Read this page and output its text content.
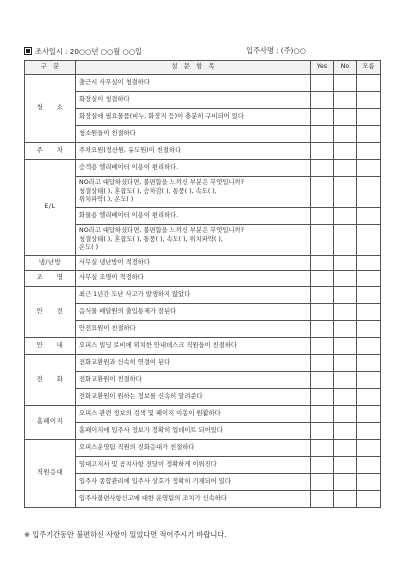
조사일시 : 20○○년 ○○월 ○○일	입주사명 : (주)○○
구　분	설　문　항　목	Yes	No	모름
청　　소	출근시 사무실이 청결하다			
	화장실이 청결하다			
	화장실에 필요물품(비누, 화장지 등)이 충분히 구비되어 있다			
	청소원들이 친절하다			
주　　차	주차요원(정산원, 유도원)이 친절하다			
E/L	승객용 엘리베이터 이용이 편리하다.			
	NO라고 대답하셨다면, 불편함을 느끼신 부분은 무엇입니까?
청결상태( ), 혼잡도( ), 승차감( ), 통풍( ), 속도( ),
위치파악( ), 온도( )			
	화물용 엘리베이터 이용이 편리하다.			
	NO라고 대답하셨다면, 불편함을 느끼신 부분은 무엇입니까?
청결상태( ), 혼잡도( ), 통풍( ), 속도( ), 위치파악( ),
온도( )			
냉/난방	사무실 냉난방이 적정하다			
조　　명	사무실 조명이 적정하다			
안　　전	최근 1년간 도난 사고가 발생하지 않았다			
	음식물 배달원의 출입통제가 잘된다			
	안전요원이 친절하다			
안　　내	오피스 빌딩 로비에 위치한 안내데스크 직원들이 친절하다			
전　　화	전화교환원과 신속히 연결이 된다			
	전화교환원이 친절하다			
	전화교환원이 원하는 정보를 신속히 알려준다			
홈페이지	오피스 관련 정보의 검색 및 페이지 이동이 원활하다			
	홈페이지에 입주사 정보가 정확히 업데이트 되어있다			
직원응대	오피스운영팀 직원의 전화응대가 친절하다			
	임대고지서 및 공지사항 전달이 정확하게 이뤄진다			
	입주사 종합관리에 입주사 상호가 정확히 기재되어 있다			
	입주사불편사항신고에 대한 운영팀의 조치가 신속하다			
※ 입주기간동안 불편하신 사항이 있었다면 적어주시기 바랍니다.
